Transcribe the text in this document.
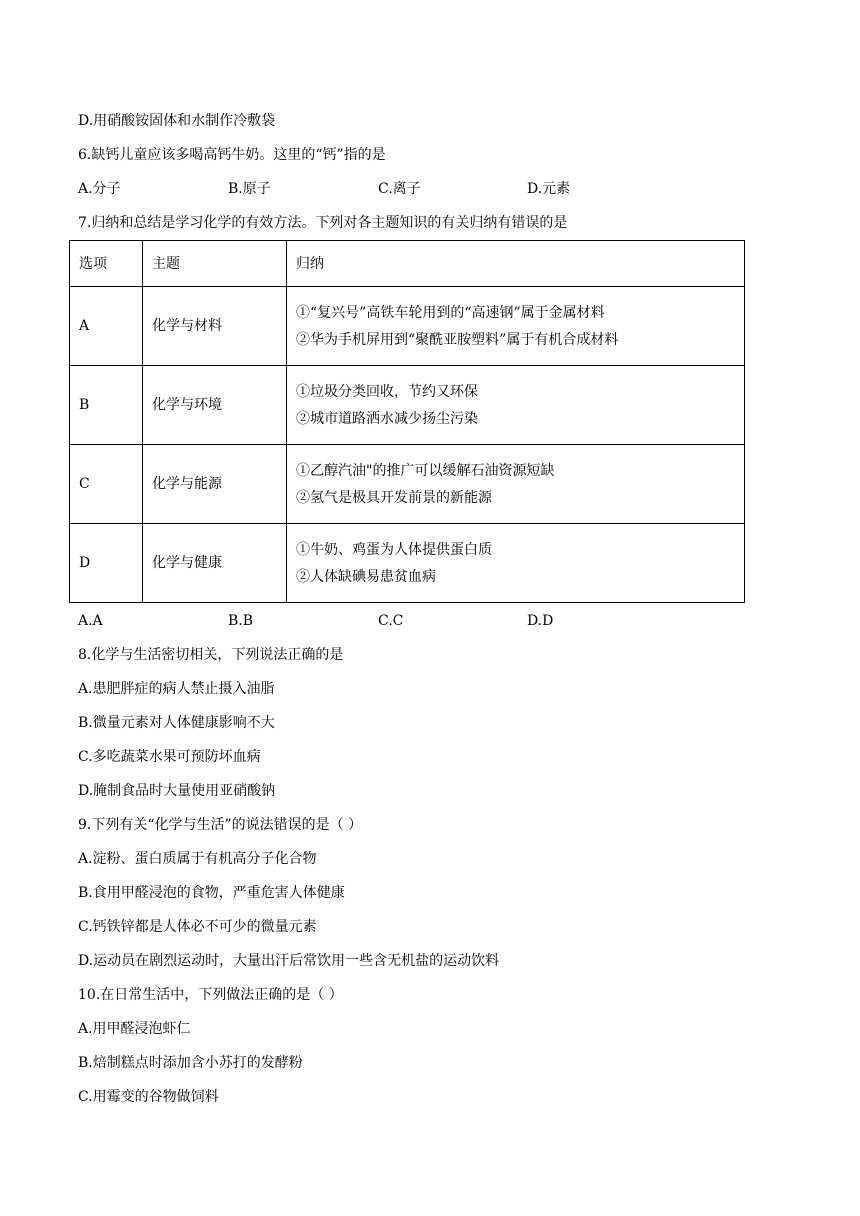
D.用硝酸铵固体和水制作冷敷袋
6.缺钙儿童应该多喝高钙牛奶。这里的“钙”指的是
A.分子	B.原子	C.离子	D.元素
7.归纳和总结是学习化学的有效方法。下列对各主题知识的有关归纳有错误的是
选项	主题	归纳
A	化学与材料	①“复兴号”高铁车轮用到的“高速钢”属于金属材料
②华为手机屏用到“聚酰亚胺塑料”属于有机合成材料

B	化学与环境	①垃圾分类回收，节约又环保
②城市道路洒水减少扬尘污染

C	化学与能源	①乙醇汽油"的推广可以缓解石油资源短缺
②氢气是极具开发前景的新能源

D	化学与健康	①牛奶、鸡蛋为人体提供蛋白质
②人体缺碘易患贫血病
A.A	B.B	C.C	D.D
8.化学与生活密切相关，下列说法正确的是
A.患肥胖症的病人禁止摄入油脂
B.微量元素对人体健康影响不大
C.多吃蔬菜水果可预防坏血病
D.腌制食品时大量使用亚硝酸钠
9.下列有关“化学与生活”的说法错误的是（ ）
A.淀粉、蛋白质属于有机高分子化合物
B.食用甲醛浸泡的食物，严重危害人体健康
C.钙铁锌都是人体必不可少的微量元素
D.运动员在剧烈运动时，大量出汗后常饮用一些含无机盐的运动饮料
10.在日常生活中，下列做法正确的是（ ）
A.用甲醛浸泡虾仁
B.焙制糕点时添加含小苏打的发酵粉
C.用霉变的谷物做饲料
